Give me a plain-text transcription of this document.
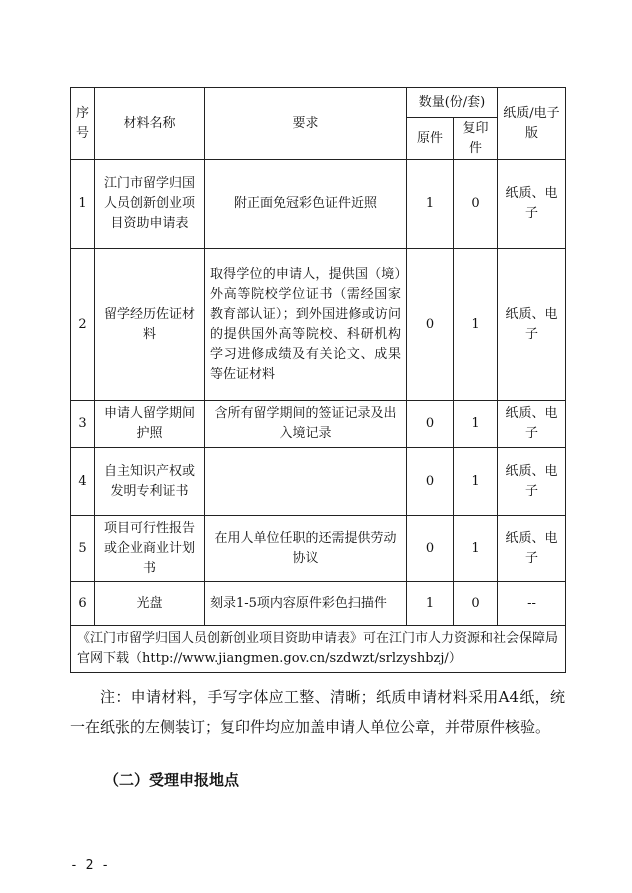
序号	材料名称	要求	数量(份/套)		纸质/电子版
			原件	复印件	
1	江门市留学归国人员创新创业项目资助申请表	附正面免冠彩色证件近照	1	0	纸质、电子
2	留学经历佐证材料	取得学位的申请人，提供国（境）外高等院校学位证书（需经国家教育部认证）；到外国进修或访问的提供国外高等院校、科研机构学习进修成绩及有关论文、成果等佐证材料	0	1	纸质、电子
3	申请人留学期间护照	含所有留学期间的签证记录及出入境记录	0	1	纸质、电子
4	自主知识产权或发明专利证书		0	1	纸质、电子
5	项目可行性报告或企业商业计划书	在用人单位任职的还需提供劳动协议	0	1	纸质、电子
6	光盘	刻录1-5项内容原件彩色扫描件	1	0	--
《江门市留学归国人员创新创业项目资助申请表》可在江门市人力资源和社会保障局官网下载（http://www.jiangmen.gov.cn/szdwzt/srlzyshbzj/）					
注：申请材料，手写字体应工整、清晰；纸质申请材料采用A4纸，统一在纸张的左侧装订；复印件均应加盖申请人单位公章，并带原件核验。
（二）受理申报地点
- 2 -
